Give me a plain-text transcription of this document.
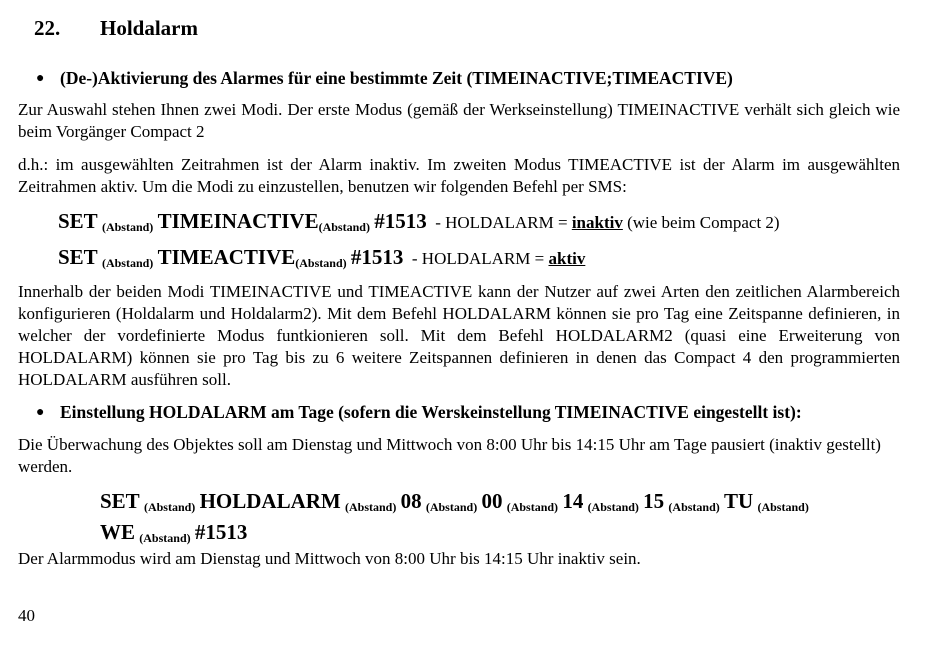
22. Holdalarm
● (De-)Aktivierung des Alarmes für eine bestimmte Zeit (TIMEINACTIVE;TIMEACTIVE)
Zur Auswahl stehen Ihnen zwei Modi. Der erste Modus (gemäß der Werkseinstellung) TIMEINACTIVE verhält sich gleich wie beim Vorgänger Compact 2
d.h.: im ausgewählten Zeitrahmen ist der Alarm inaktiv. Im zweiten Modus TIMEACTIVE ist der Alarm im ausgewählten Zeitrahmen aktiv. Um die Modi zu einzustellen, benutzen wir folgenden Befehl per SMS:
SET (Abstand) TIMEINACTIVE(Abstand) #1513  - HOLDALARM = inaktiv (wie beim Compact 2)
SET (Abstand) TIMEACTIVE(Abstand) #1513  - HOLDALARM = aktiv
Innerhalb der beiden Modi TIMEINACTIVE und TIMEACTIVE kann der Nutzer auf zwei Arten den zeitlichen Alarmbereich konfigurieren (Holdalarm und Holdalarm2). Mit dem Befehl HOLDALARM können sie pro Tag eine Zeitspanne definieren, in welcher der vordefinierte Modus funtkionieren soll. Mit dem Befehl HOLDALARM2 (quasi eine Erweiterung von HOLDALARM) können sie pro Tag bis zu 6 weitere Zeitspannen definieren in denen das Compact 4 den programmierten HOLDALARM ausführen soll.
● Einstellung HOLDALARM am Tage (sofern die Werskeinstellung TIMEINACTIVE eingestellt ist):
Die Überwachung des Objektes soll am Dienstag und Mittwoch von 8:00 Uhr bis 14:15 Uhr am Tage pausiert (inaktiv gestellt) werden.
SET (Abstand) HOLDALARM (Abstand) 08 (Abstand) 00 (Abstand) 14 (Abstand) 15 (Abstand) TU (Abstand)
WE (Abstand) #1513
Der Alarmmodus wird am Dienstag und Mittwoch von 8:00 Uhr bis 14:15 Uhr inaktiv sein.
40
